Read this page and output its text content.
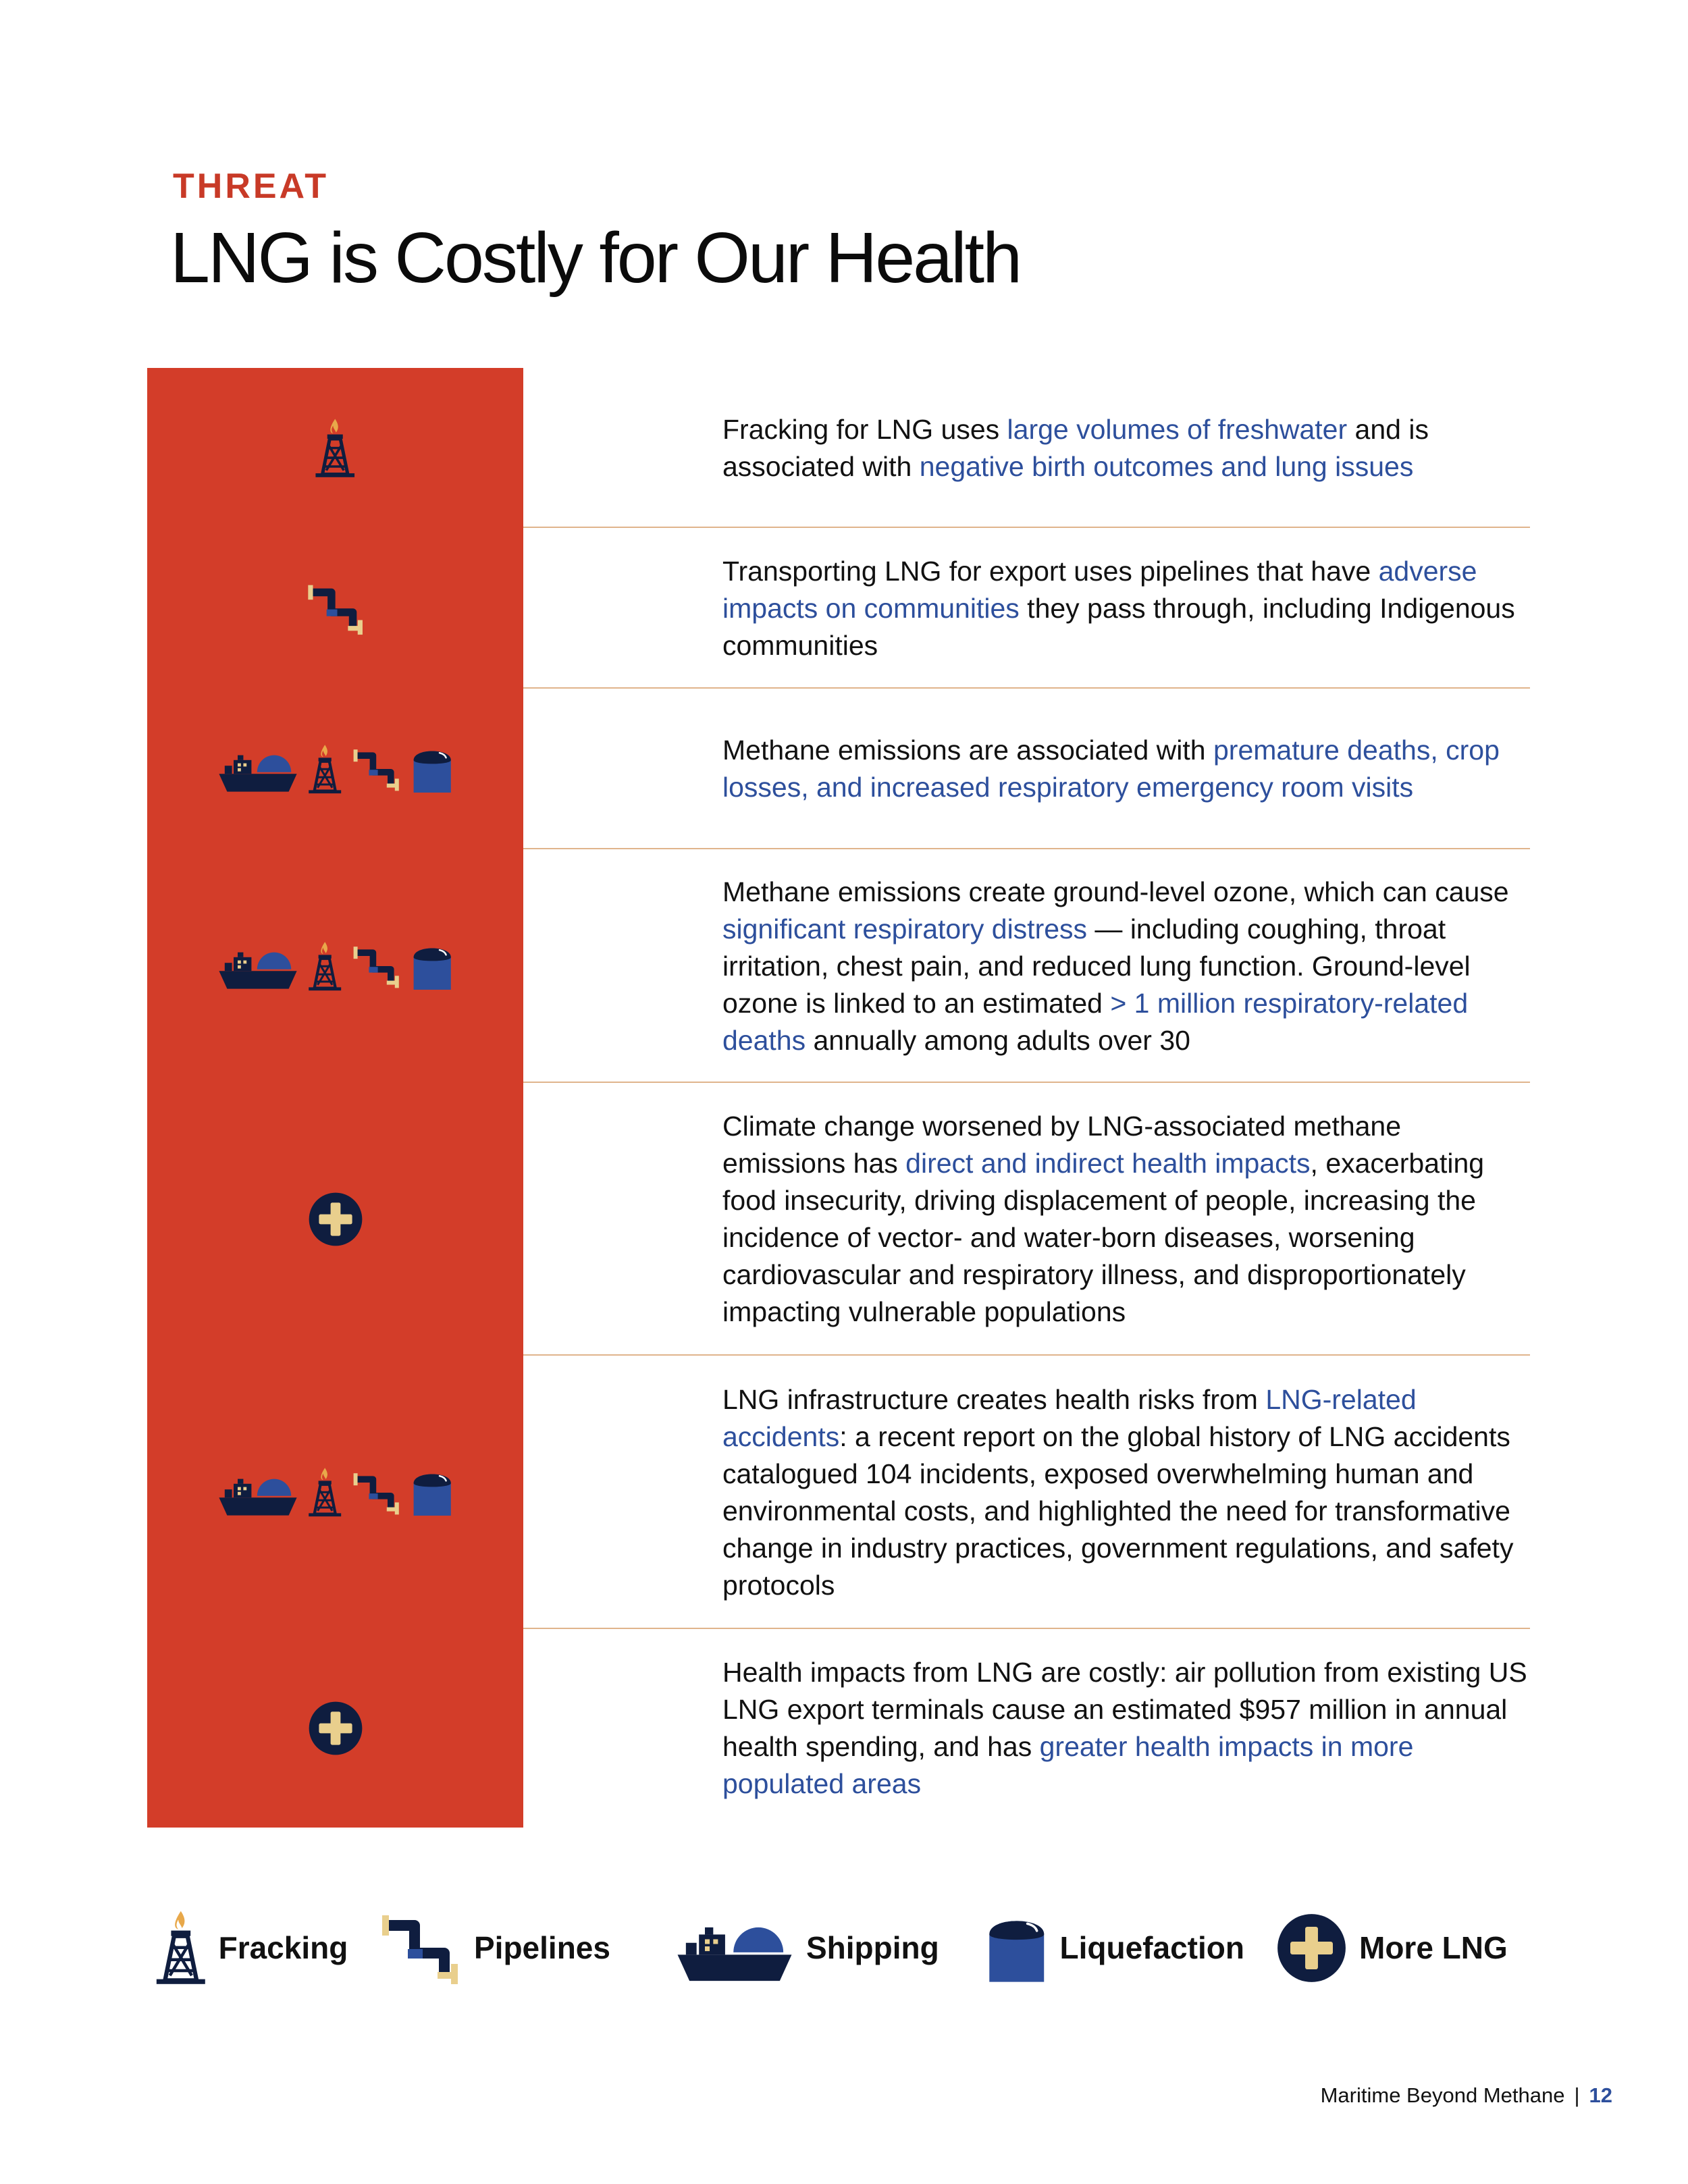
THREAT
LNG is Costly for Our Health

Fracking for LNG uses large volumes of freshwater and is associated with negative birth outcomes and lung issues

Transporting LNG for export uses pipelines that have adverse impacts on communities they pass through, including Indigenous communities

Methane emissions are associated with premature deaths, crop losses, and increased respiratory emergency room visits

Methane emissions create ground-level ozone, which can cause significant respiratory distress — including coughing, throat irritation, chest pain, and reduced lung function. Ground-level ozone is linked to an estimated > 1 million respiratory-related deaths annually among adults over 30

Climate change worsened by LNG-associated methane emissions has direct and indirect health impacts, exacerbating food insecurity, driving displacement of people, increasing the incidence of vector- and water-born diseases, worsening cardiovascular and respiratory illness, and disproportionately impacting vulnerable populations

LNG infrastructure creates health risks from LNG-related accidents: a recent report on the global history of LNG accidents catalogued 104 incidents, exposed overwhelming human and environmental costs, and highlighted the need for transformative change in industry practices, government regulations, and safety protocols

Health impacts from LNG are costly: air pollution from existing US LNG export terminals cause an estimated $957 million in annual health spending, and has greater health impacts in more populated areas

Fracking	Pipelines	Shipping	Liquefaction	More LNG
Maritime Beyond Methane | 12
